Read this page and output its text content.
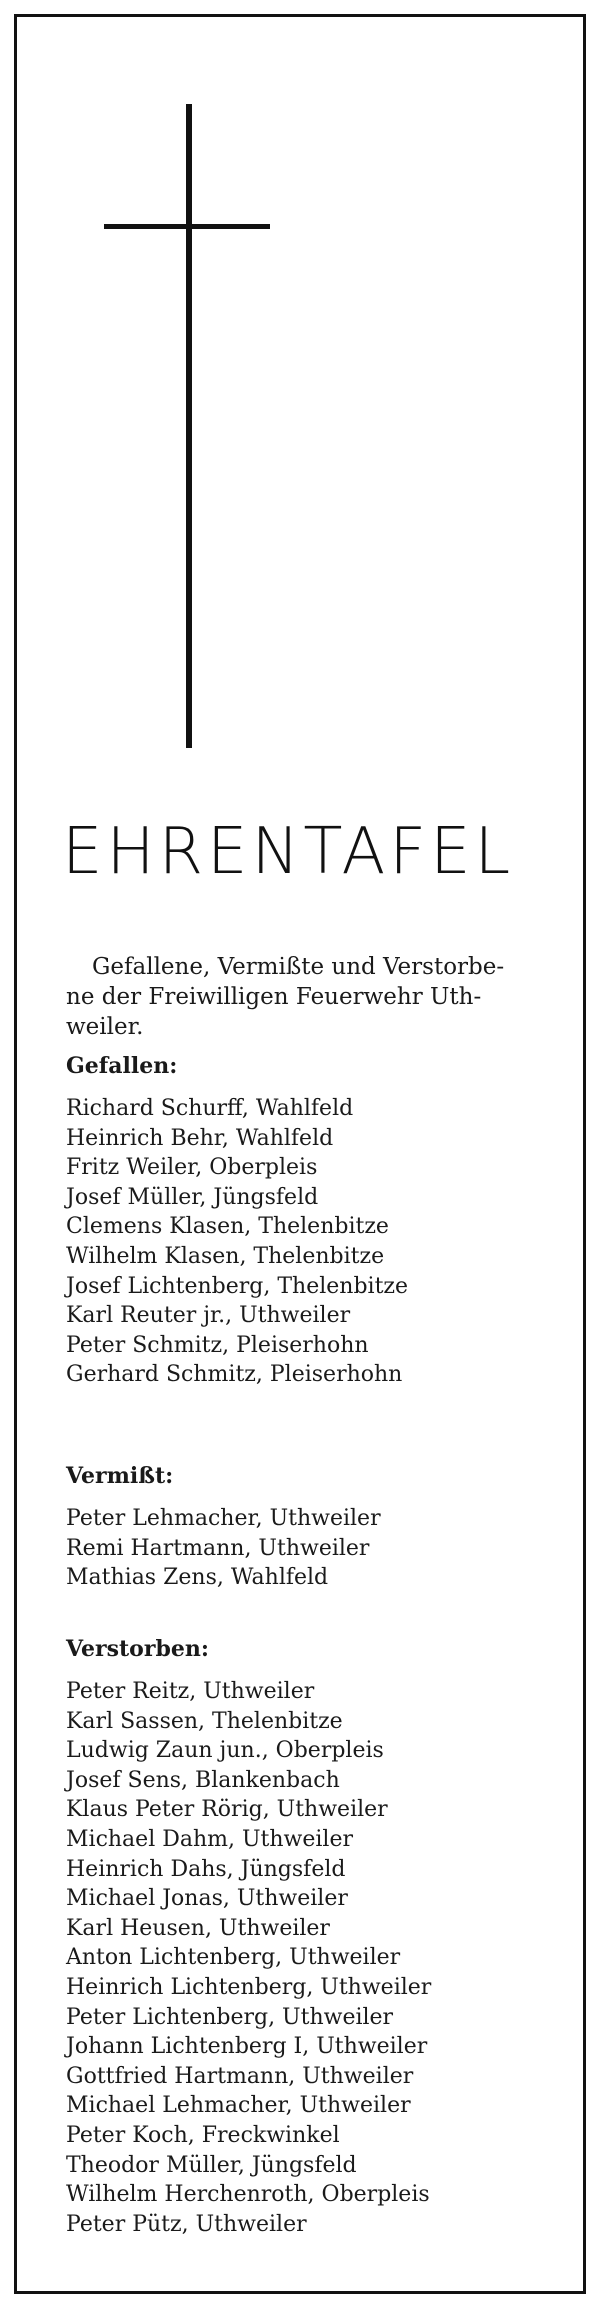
EHRENTAFEL
Gefallene, Vermißte und Verstorbe-
ne der Freiwilligen Feuerwehr Uth-
weiler.
Gefallen:
Richard Schurff, Wahlfeld
Heinrich Behr, Wahlfeld
Fritz Weiler, Oberpleis
Josef Müller, Jüngsfeld
Clemens Klasen, Thelenbitze
Wilhelm Klasen, Thelenbitze
Josef Lichtenberg, Thelenbitze
Karl Reuter jr., Uthweiler
Peter Schmitz, Pleiserhohn
Gerhard Schmitz, Pleiserhohn
Vermißt:
Peter Lehmacher, Uthweiler
Remi Hartmann, Uthweiler
Mathias Zens, Wahlfeld
Verstorben:
Peter Reitz, Uthweiler
Karl Sassen, Thelenbitze
Ludwig Zaun jun., Oberpleis
Josef Sens, Blankenbach
Klaus Peter Rörig, Uthweiler
Michael Dahm, Uthweiler
Heinrich Dahs, Jüngsfeld
Michael Jonas, Uthweiler
Karl Heusen, Uthweiler
Anton Lichtenberg, Uthweiler
Heinrich Lichtenberg, Uthweiler
Peter Lichtenberg, Uthweiler
Johann Lichtenberg I, Uthweiler
Gottfried Hartmann, Uthweiler
Michael Lehmacher, Uthweiler
Peter Koch, Freckwinkel
Theodor Müller, Jüngsfeld
Wilhelm Herchenroth, Oberpleis
Peter Pütz, Uthweiler
